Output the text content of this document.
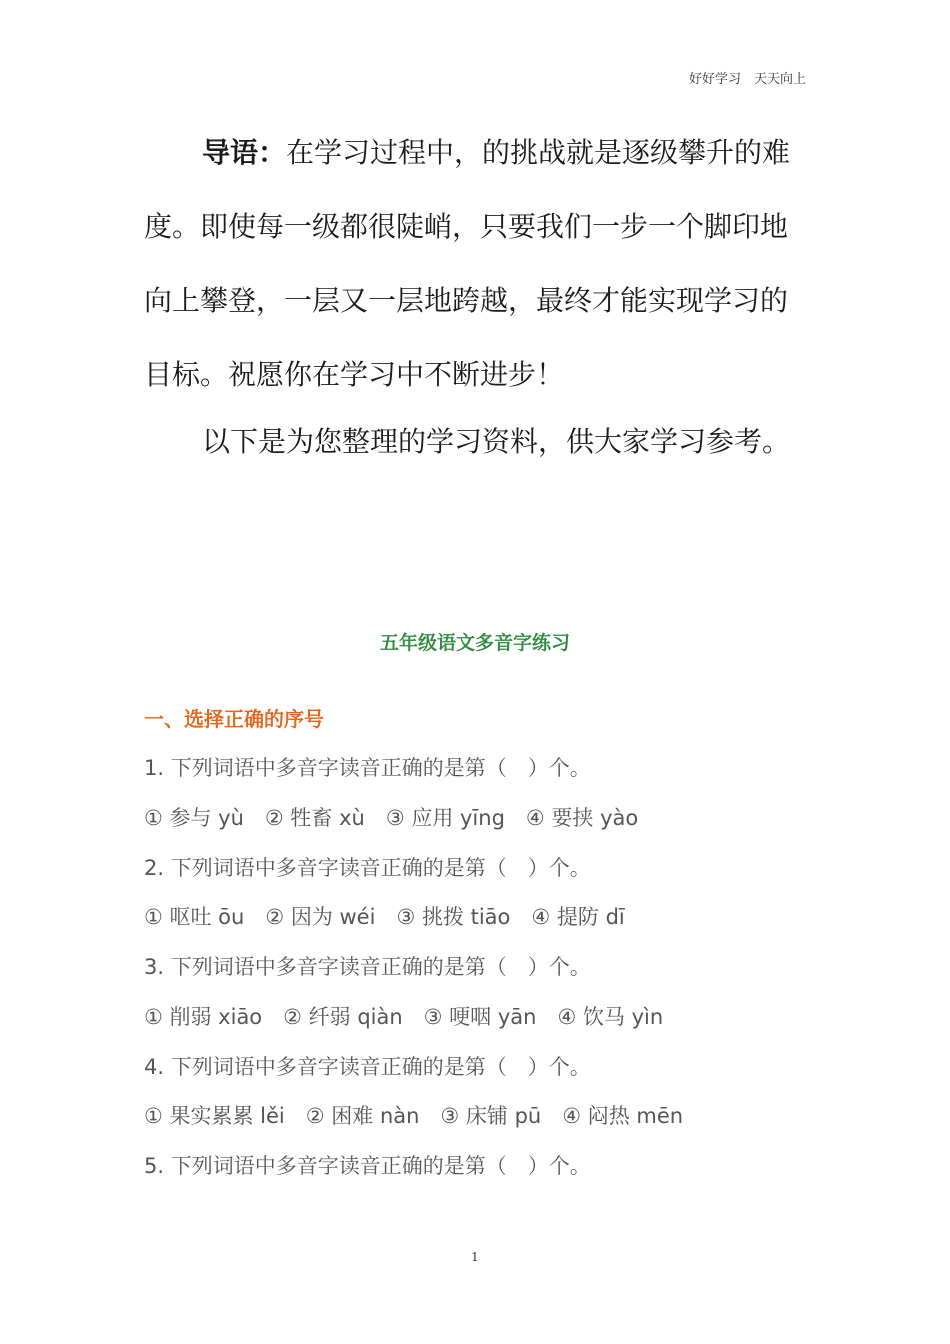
好好学习　天天向上
导语：在学习过程中，的挑战就是逐级攀升的难
度。即使每一级都很陡峭，只要我们一步一个脚印地
向上攀登，一层又一层地跨越，最终才能实现学习的
目标。祝愿你在学习中不断进步！
以下是为您整理的学习资料，供大家学习参考。
五年级语文多音字练习
一、选择正确的序号
1. 下列词语中多音字读音正确的是第（　）个。
① 参与 yù　② 牲畜 xù　③ 应用 yīng　④ 要挟 yào
2. 下列词语中多音字读音正确的是第（　）个。
① 呕吐 ōu　② 因为 wéi　③ 挑拨 tiāo　④ 提防 dī
3. 下列词语中多音字读音正确的是第（　）个。
① 削弱 xiāo　② 纤弱 qiàn　③ 哽咽 yān　④ 饮马 yìn
4. 下列词语中多音字读音正确的是第（　）个。
① 果实累累 lěi　② 困难 nàn　③ 床铺 pū　④ 闷热 mēn
5. 下列词语中多音字读音正确的是第（　）个。
1
